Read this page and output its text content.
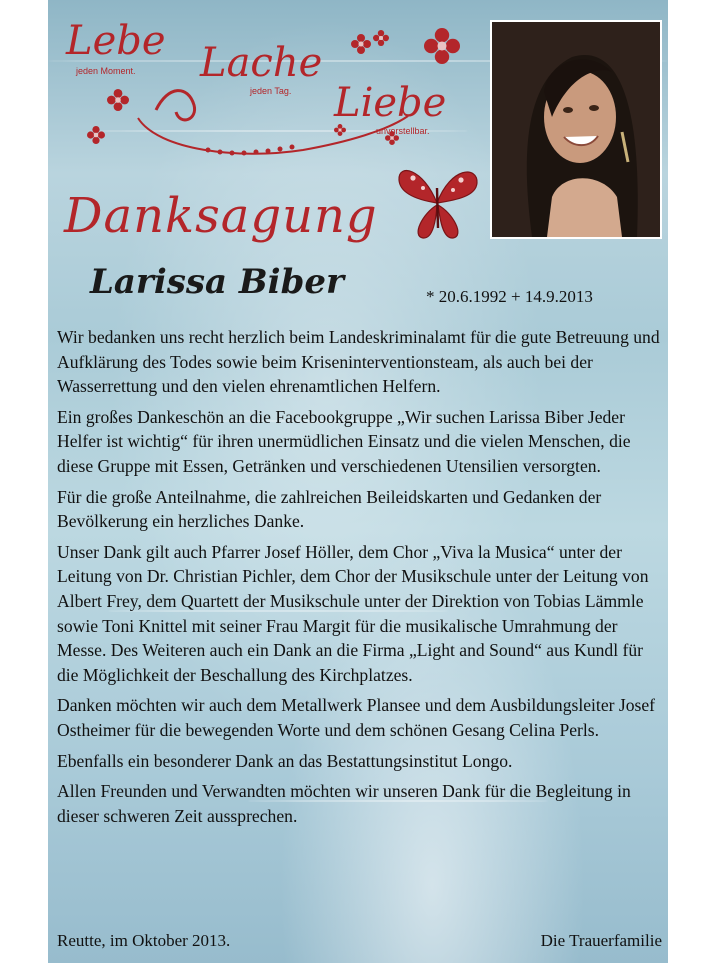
Lebe
jeden Moment. Lache
jeden Tag. Liebe
unvorstellbar.
Danksagung
Larissa Biber	* 20.6.1992 + 14.9.2013

Wir bedanken uns recht herzlich beim Landeskriminalamt für die gute Betreuung und Aufklärung des Todes sowie beim Kriseninterventionsteam, als auch bei der Wasserrettung und den vielen ehrenamtlichen Helfern.

Ein großes Dankeschön an die Facebookgruppe „Wir suchen Larissa Biber Jeder Helfer ist wichtig“ für ihren unermüdlichen Einsatz und die vielen Menschen, die diese Gruppe mit Essen, Getränken und verschiedenen Utensilien versorgten.

Für die große Anteilnahme, die zahlreichen Beileidskarten und Gedanken der Bevölkerung ein herzliches Danke.

Unser Dank gilt auch Pfarrer Josef Höller, dem Chor „Viva la Musica“ unter der Leitung von Dr. Christian Pichler, dem Chor der Musikschule unter der Leitung von Albert Frey, dem Quartett der Musikschule unter der Direktion von Tobias Lämmle sowie Toni Knittel mit seiner Frau Margit für die musikalische Umrahmung der Messe. Des Weiteren auch ein Dank an die Firma „Light and Sound“ aus Kundl für die Möglichkeit der Beschallung des Kirchplatzes.

Danken möchten wir auch dem Metallwerk Plansee und dem Ausbildungsleiter Josef Ostheimer für die bewegenden Worte und dem schönen Gesang Celina Perls.

Ebenfalls ein besonderer Dank an das Bestattungsinstitut Longo.

Allen Freunden und Verwandten möchten wir unseren Dank für die Begleitung in dieser schweren Zeit aussprechen.

Reutte, im Oktober 2013.	Die Trauerfamilie
